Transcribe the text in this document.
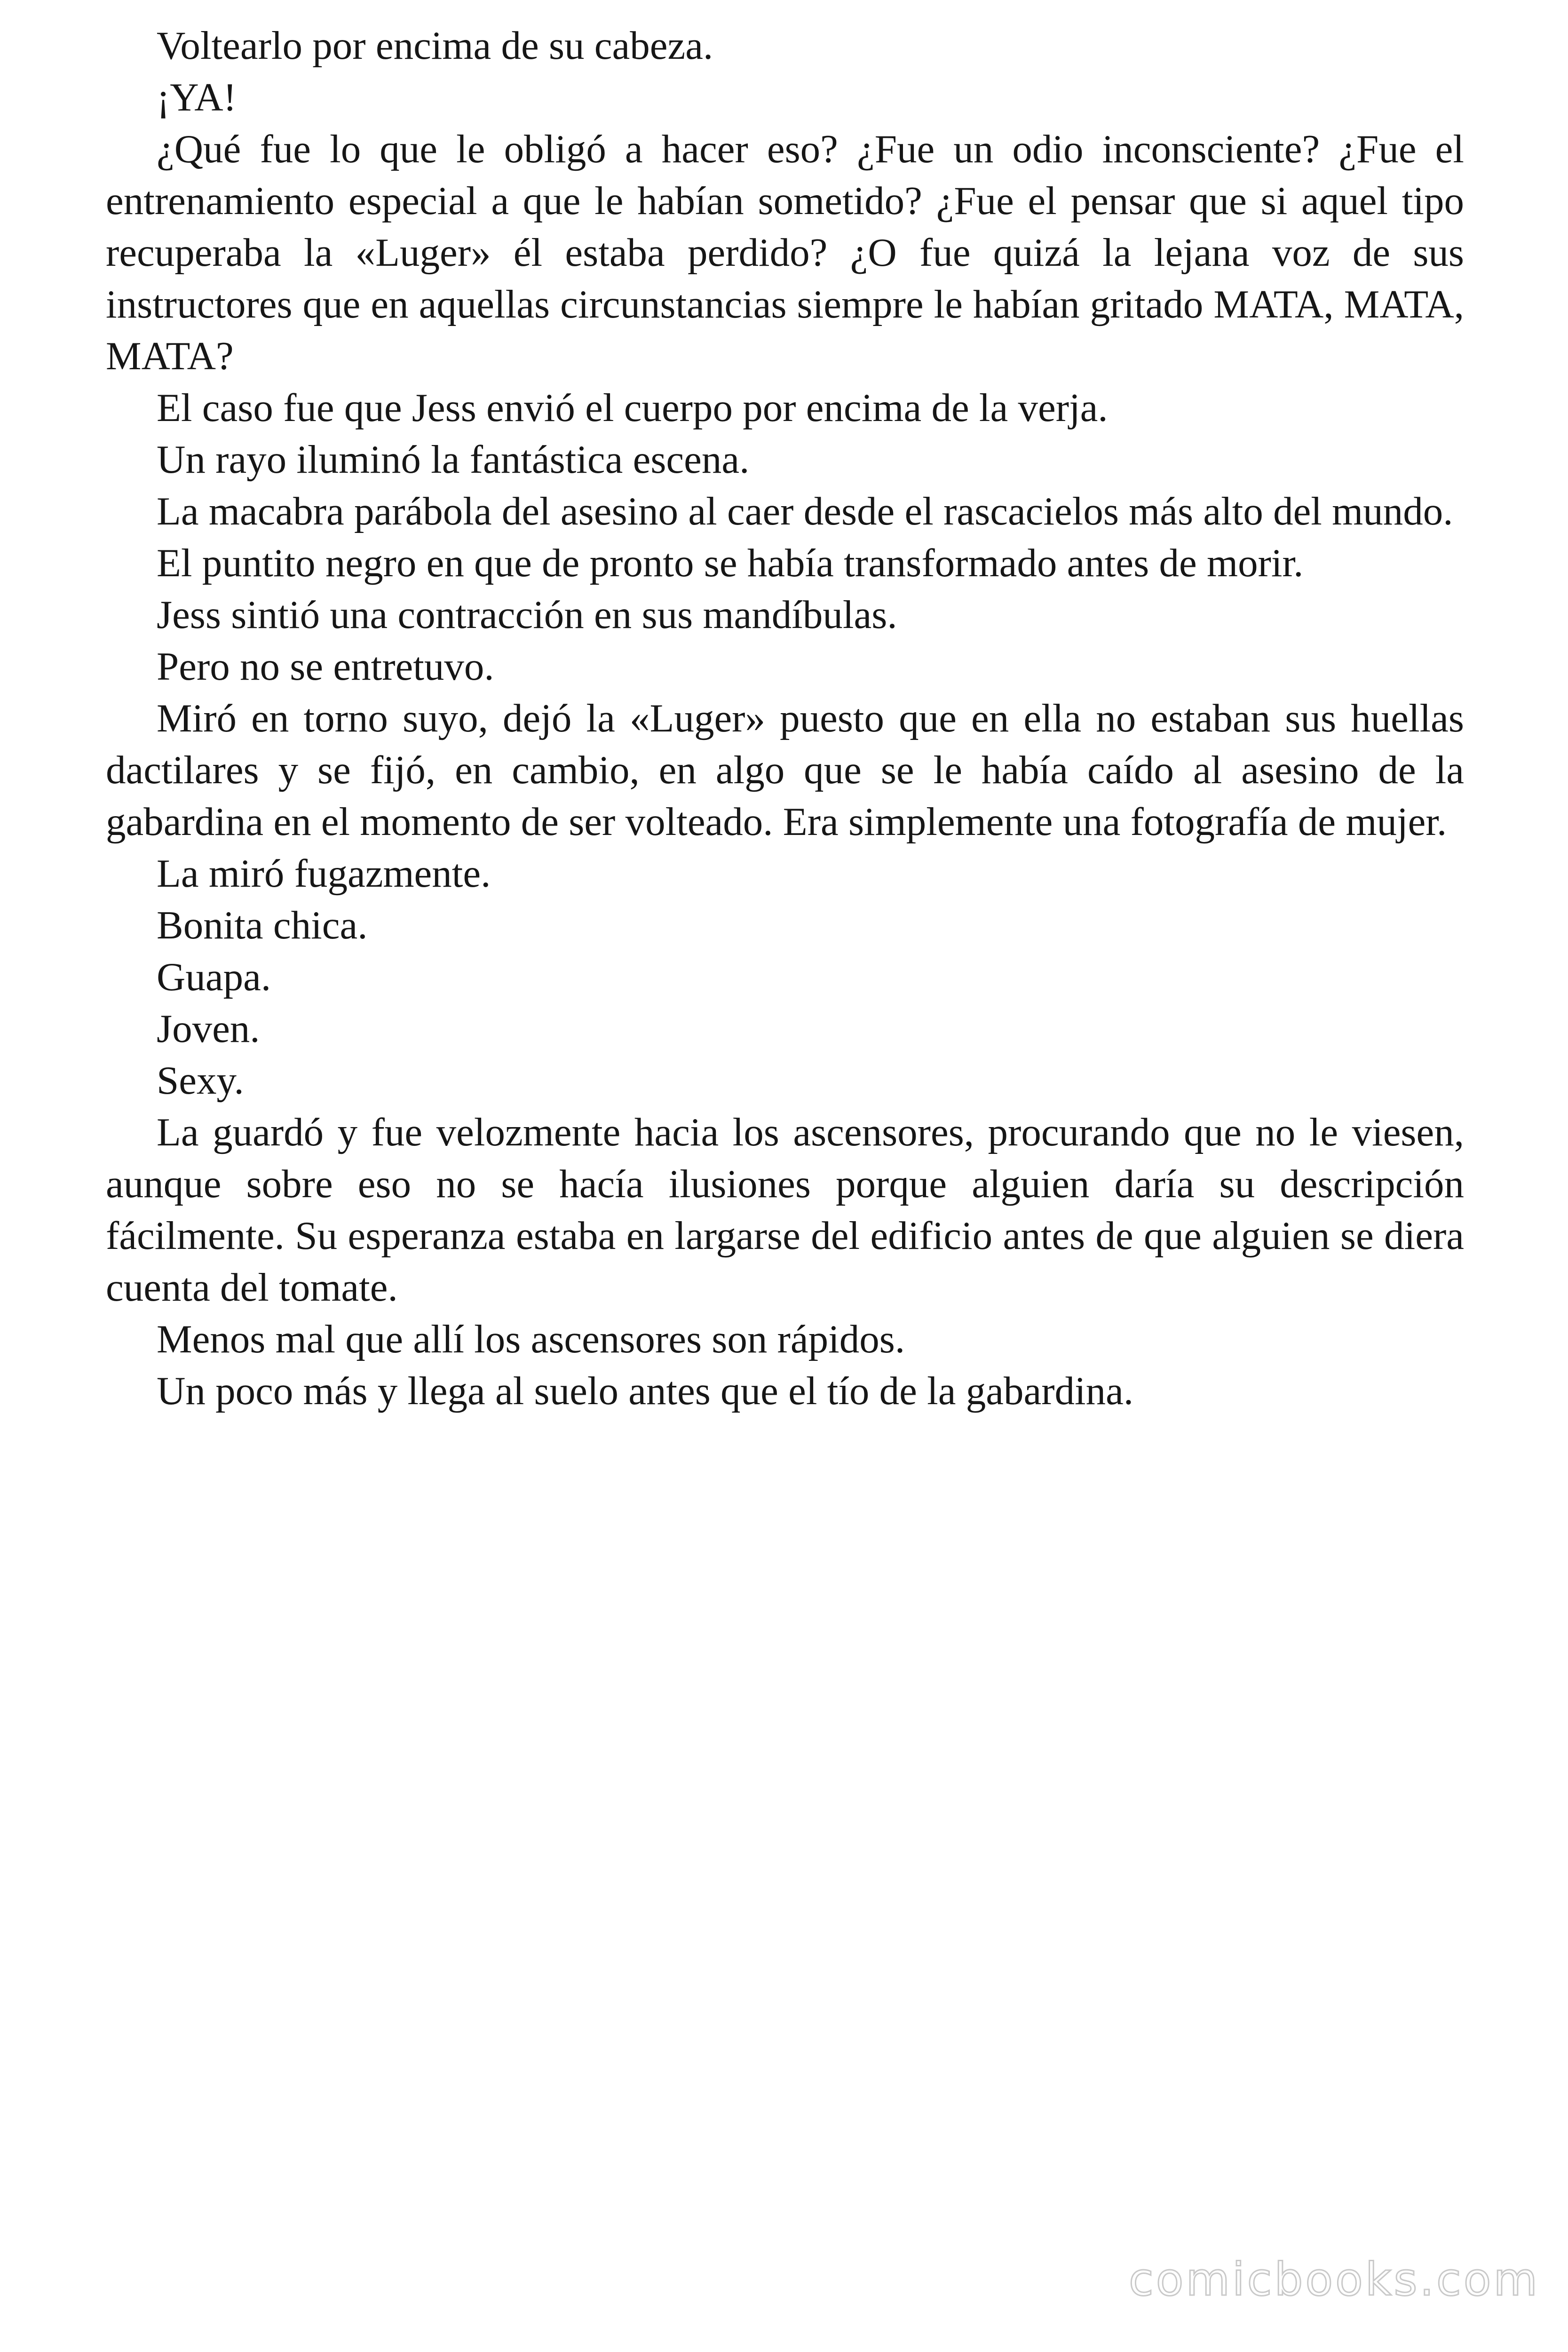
Voltearlo por encima de su cabeza.

¡YA!

¿Qué fue lo que le obligó a hacer eso? ¿Fue un odio inconsciente? ¿Fue el entrenamiento especial a que le habían sometido? ¿Fue el pensar que si aquel tipo recuperaba la «Luger» él estaba perdido? ¿O fue quizá la lejana voz de sus instructores que en aquellas circunstancias siempre le habían gritado MATA, MATA, MATA?

El caso fue que Jess envió el cuerpo por encima de la verja.

Un rayo iluminó la fantástica escena.

La macabra parábola del asesino al caer desde el rascacielos más alto del mundo.

El puntito negro en que de pronto se había transformado antes de morir.

Jess sintió una contracción en sus mandíbulas.

Pero no se entretuvo.

Miró en torno suyo, dejó la «Luger» puesto que en ella no estaban sus huellas dactilares y se fijó, en cambio, en algo que se le había caído al asesino de la gabardina en el momento de ser volteado. Era simplemente una fotografía de mujer.

La miró fugazmente.

Bonita chica.

Guapa.

Joven.

Sexy.

La guardó y fue velozmente hacia los ascensores, procurando que no le viesen, aunque sobre eso no se hacía ilusiones porque alguien daría su descripción fácilmente. Su esperanza estaba en largarse del edificio antes de que alguien se diera cuenta del tomate.

Menos mal que allí los ascensores son rápidos.

Un poco más y llega al suelo antes que el tío de la gabardina.

comicbooks.com
